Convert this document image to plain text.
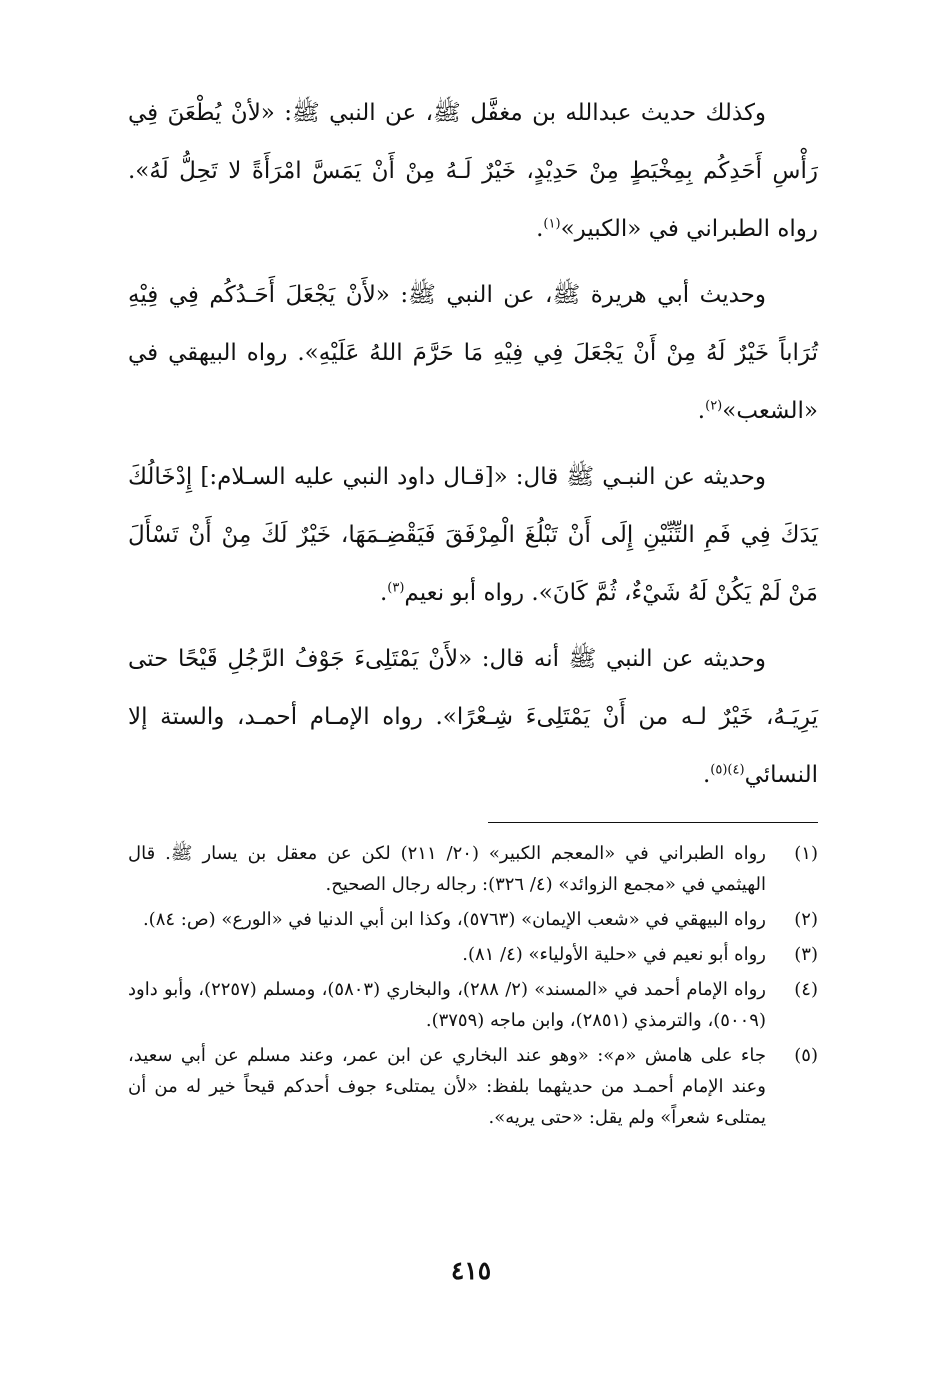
وكذلك حديث عبدالله بن مغفَّل ﷺ، عن النبي ﷺ: «لأنْ يُطْعَنَ فِي رَأْسِ أَحَدِكُم بِمِخْيَطٍ مِنْ حَدِيْدٍ، خَيْرٌ لَـهُ مِنْ أَنْ يَمَسَّ امْرَأَةً لا تَحِلُّ لَهُ». رواه الطبراني في «الكبير»$^{(١)}$.

وحديث أبي هريرة ﷺ، عن النبي ﷺ: «لأَنْ يَجْعَلَ أَحَـدُكُم فِي فِيْهِ تُرَاباً خَيْرٌ لَهُ مِنْ أَنْ يَجْعَلَ فِي فِيْهِ مَا حَرَّمَ اللهُ عَلَيْهِ». رواه البيهقي في «الشعب»$^{(٢)}$.

وحديثه عن النبـي ﷺ قال: «[قـال داود النبي عليه السـلام:] إِدْخَالُكَ يَدَكَ فِي فَمِ التِّنِّيْنِ إِلَى أَنْ تَبْلُغَ الْمِرْفَقَ فَيَقْضِـمَهَا، خَيْرٌ لَكَ مِنْ أَنْ تَسْأَلَ مَنْ لَمْ يَكُنْ لَهُ شَيْءٌ، ثُمَّ كَانَ». رواه أبو نعيم$^{(٣)}$.

وحديثه عن النبي ﷺ أنه قال: «لأَنْ يَمْتَلِىءَ جَوْفُ الرَّجُلِ قَيْحًا حتى يَرِيَـهُ، خَيْرٌ لـه من أَنْ يَمْتَلِىءَ شِـعْرًا». رواه الإمـام أحمـد، والستة إلا النسائي$^{(٤)(٥)}$.

(١)
رواه الطبراني في «المعجم الكبير» (٢٠/ ٢١١) لكن عن معقل بن يسار ﷺ. قال الهيثمي في «مجمع الزوائد» (٤/ ٣٢٦): رجاله رجال الصحيح.
(٢)
رواه البيهقي في «شعب الإيمان» (٥٧٦٣)، وكذا ابن أبي الدنيا في «الورع» (ص: ٨٤).
(٣)
رواه أبو نعيم في «حلية الأولياء» (٤/ ٨١).
(٤)
رواه الإمام أحمد في «المسند» (٢/ ٢٨٨)، والبخاري (٥٨٠٣)، ومسلم (٢٢٥٧)، وأبو داود (٥٠٠٩)، والترمذي (٢٨٥١)، وابن ماجه (٣٧٥٩).
(٥)
جاء على هامش «م»: «وهو عند البخاري عن ابن عمر، وعند مسلم عن أبي سعيد، وعند الإمام أحمـد من حديثهما بلفظ: «لأن يمتلىء جوف أحدكم قيحاً خير له من أن يمتلىء شعراً» ولم يقل: «حتى يريه».
٤١٥
